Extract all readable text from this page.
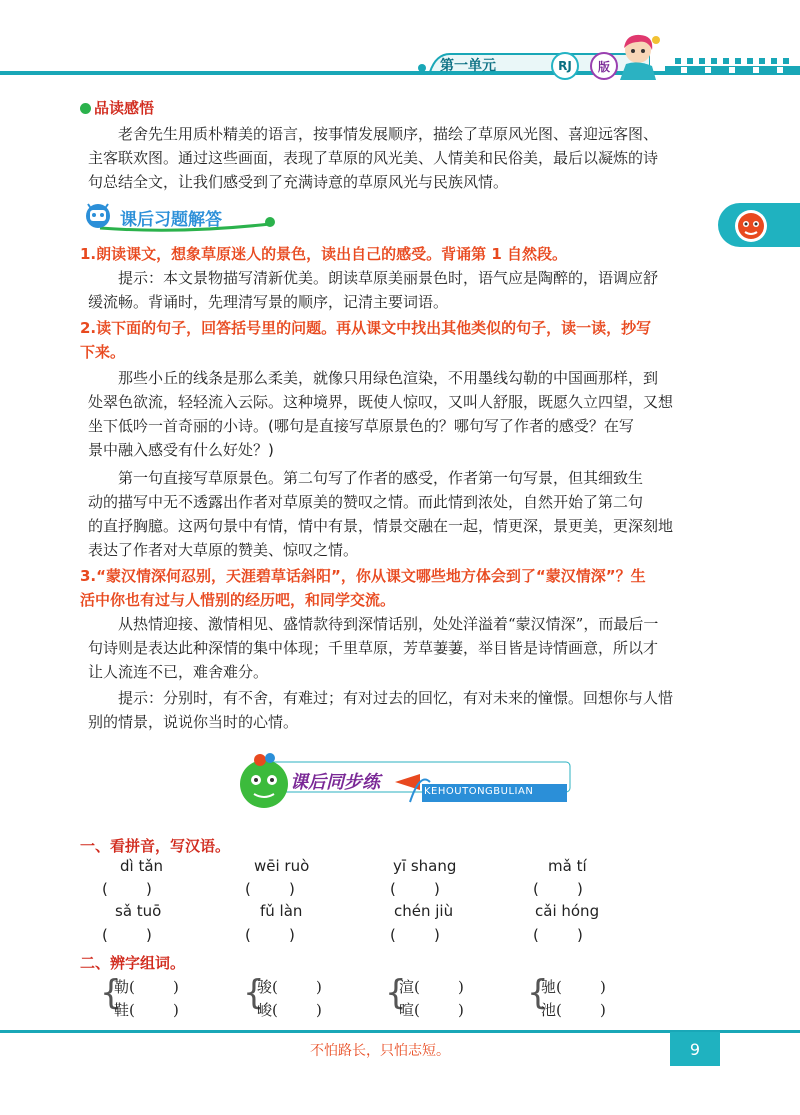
第一单元	RJ	版
品读感悟
老舍先生用质朴精美的语言，按事情发展顺序，描绘了草原风光图、喜迎远客图、
主客联欢图。通过这些画面，表现了草原的风光美、人情美和民俗美，最后以凝炼的诗
句总结全文，让我们感受到了充满诗意的草原风光与民族风情。
课后习题解答
1.朗读课文，想象草原迷人的景色，读出自己的感受。背诵第 1 自然段。
提示：本文景物描写清新优美。朗读草原美丽景色时，语气应是陶醉的，语调应舒
缓流畅。背诵时，先理清写景的顺序，记清主要词语。
2.读下面的句子，回答括号里的问题。再从课文中找出其他类似的句子，读一读，抄写
下来。
那些小丘的线条是那么柔美，就像只用绿色渲染，不用墨线勾勒的中国画那样，到
处翠色欲流，轻轻流入云际。这种境界，既使人惊叹，又叫人舒服，既愿久立四望，又想
坐下低吟一首奇丽的小诗。(哪句是直接写草原景色的？哪句写了作者的感受？在写
景中融入感受有什么好处？)
第一句直接写草原景色。第二句写了作者的感受，作者第一句写景，但其细致生
动的描写中无不透露出作者对草原美的赞叹之情。而此情到浓处，自然开始了第二句
的直抒胸臆。这两句景中有情，情中有景，情景交融在一起，情更深，景更美，更深刻地
表达了作者对大草原的赞美、惊叹之情。
3.“蒙汉情深何忍别，天涯碧草话斜阳”，你从课文哪些地方体会到了“蒙汉情深”？生
活中你也有过与人惜别的经历吧，和同学交流。
从热情迎接、激情相见、盛情款待到深情话别，处处洋溢着“蒙汉情深”，而最后一
句诗则是表达此种深情的集中体现；千里草原，芳草萋萋，举目皆是诗情画意，所以才
让人流连不已，难舍难分。
提示：分别时，有不舍，有难过；有对过去的回忆，有对未来的憧憬。回想你与人惜
别的情景，说说你当时的心情。
课后同步练	KEHOUTONGBULIAN
一、看拼音，写汉语。
dì tǎn	wēi ruò	yī shang	mǎ tí
(        )	(        )	(        )	(        )
sǎ tuō	fǔ làn	chén jiù	cǎi hóng
(        )	(        )	(        )	(        )
二、辨字组词。
{
勒(        )
鞋(        ) {
骏(        )
峻(        ) {
渲(        )
喧(        ) {
驰(        )
池(        )
不怕路长，只怕志短。	9
